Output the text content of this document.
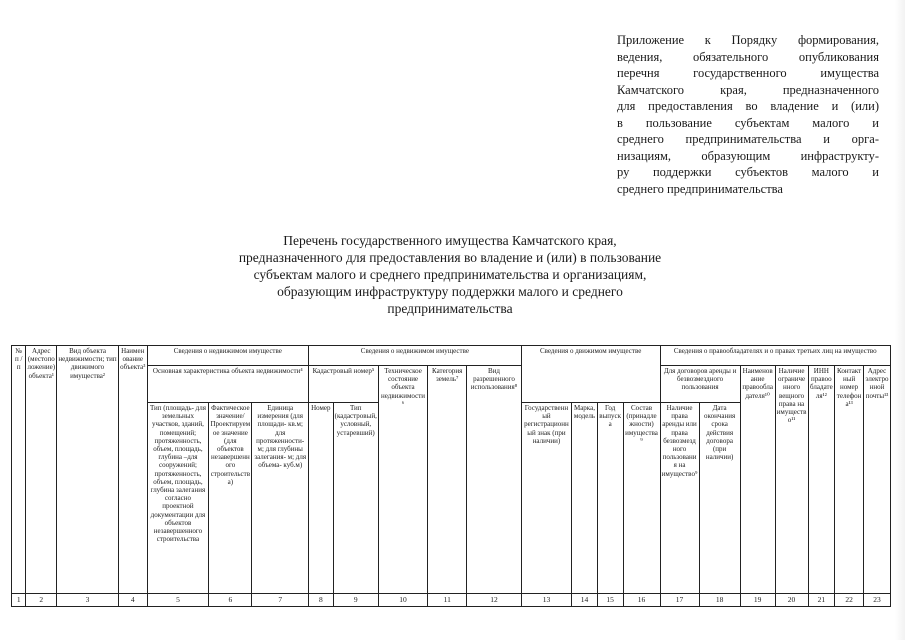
Приложение к Порядку формирования,
ведения, обязательного опубликования
перечня государственного имущества
Камчатского края, предназначенного
для предоставления во владение и (или)
в пользование субъектам малого и
среднего предпринимательства и орга-
низациям, образующим инфраструкту-
ру поддержки субъектов малого и
среднего предпринимательства
Перечень государственного имущества Камчатского края,
предназначенного для предоставления во владение и (или) в пользование
субъектам малого и среднего предпринимательства и организациям,
образующим инфраструктуру поддержки малого и среднего
предпринимательства
№ п / п	Адрес (местоположение) объекта¹	Вид объекта недвижимости; тип движимого имущества²	Наименование объекта³	Сведения о недвижимом имуществе			Сведения о недвижимом имуществе					Сведения о движимом имуществе				Сведения о правообладателях и о правах третьих лиц на имущество						
				Основная характеристика объекта недвижимости⁴			Кадастровый номер⁵		Техническое состояние объекта недвижимости⁶	Категория земель⁷	Вид разрешенного использования⁸					Для договоров аренды и безвозмездного пользования		Наименование правообладателя¹⁰	Наличие ограниченного вещного права на имущество¹¹	ИНН правообладателя¹²	Контактный номер телефона¹³	Адрес электронной почты¹³
				Тип (площадь- для земельных участков, зданий, помещений; протяженность, объем, площадь, глубина –для сооружений; протяженность, объем, площадь, глубина залегания согласно проектной документации для объектов незавершенного строительства	Фактическое значение/Проектируемое значение (для объектов незавершенного строительства)	Единица измерения (для площади- кв.м; для протяженности- м; для глубины залегания- м; для объема- куб.м)	Номер	Тип (кадастровый, условный, устаревший)				Государственный регистрационный знак (при наличии)	Марка, модель	Год выпуска	Состав (принадлежности) имущества⁹	Наличие права аренды или права безвозмездного пользования на имущество⁹	Дата окончания срока действия договора (при наличии)					
1	2	3	4	5	6	7	8	9	10	11	12	13	14	15	16	17	18	19	20	21	22	23
